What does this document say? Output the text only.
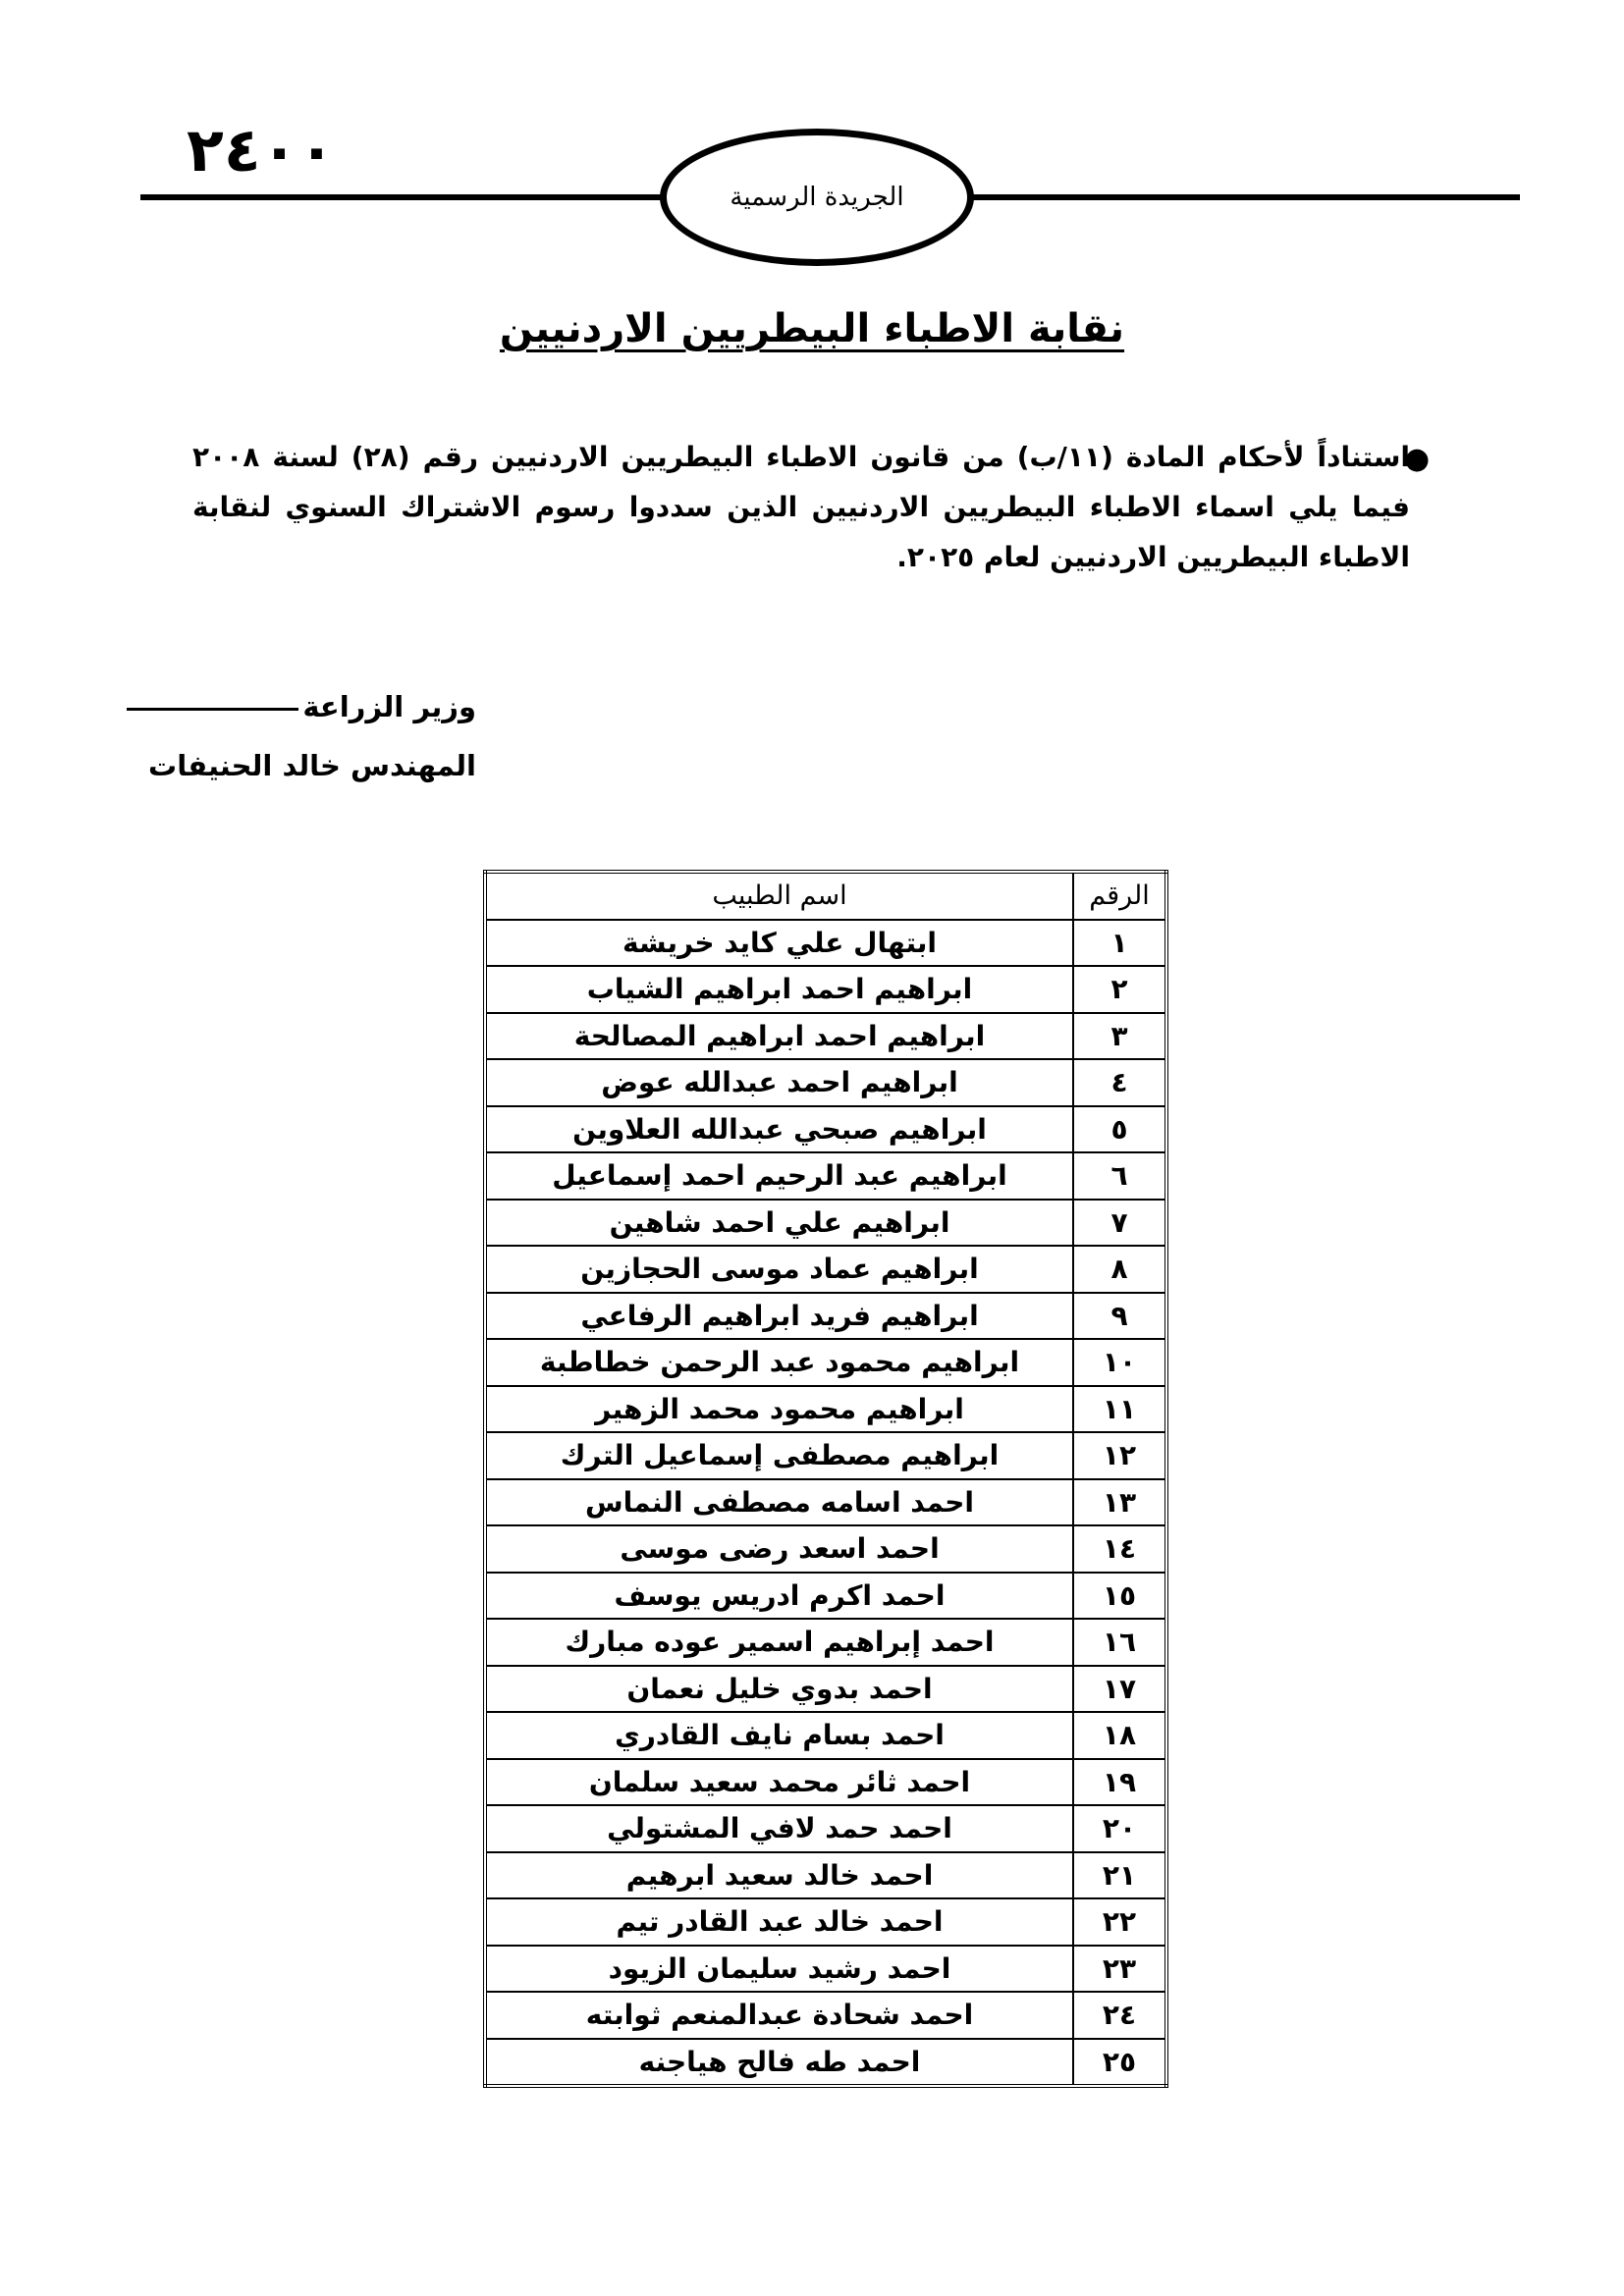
٢٤٠٠
الجريدة الرسمية
نقابة الاطباء البيطريين الاردنيين
●
استناداً لأحكام المادة (١١/ب) من قانون الاطباء البيطريين الاردنيين رقم (٢٨) لسنة ٢٠٠٨ فيما يلي اسماء الاطباء البيطريين الاردنيين الذين سددوا رسوم الاشتراك السنوي لنقابة الاطباء البيطريين الاردنيين لعام ٢٠٢٥.
وزير الزراعة
المهندس خالد الحنيفات
الرقم	اسم الطبيب
١	ابتهال علي كايد خريشة
٢	ابراهيم احمد ابراهيم الشياب
٣	ابراهيم احمد ابراهيم المصالحة
٤	ابراهيم احمد عبدالله عوض
٥	ابراهيم صبحي عبدالله العلاوين
٦	ابراهيم عبد الرحيم احمد إسماعيل
٧	ابراهيم علي احمد شاهين
٨	ابراهيم عماد موسى الحجازين
٩	ابراهيم فريد ابراهيم الرفاعي
١٠	ابراهيم محمود عبد الرحمن خطاطبة
١١	ابراهيم محمود محمد الزهير
١٢	ابراهيم مصطفى إسماعيل الترك
١٣	احمد اسامه مصطفى النماس
١٤	احمد اسعد رضى موسى
١٥	احمد اكرم ادريس يوسف
١٦	احمد إبراهيم اسمير عوده مبارك
١٧	احمد بدوي خليل نعمان
١٨	احمد بسام نايف القادري
١٩	احمد ثائر محمد سعيد سلمان
٢٠	احمد حمد لافي المشتولي
٢١	احمد خالد سعيد ابرهيم
٢٢	احمد خالد عبد القادر تيم
٢٣	احمد رشيد سليمان الزيود
٢٤	احمد شحادة عبدالمنعم ثوابته
٢٥	احمد طه فالح هياجنه
